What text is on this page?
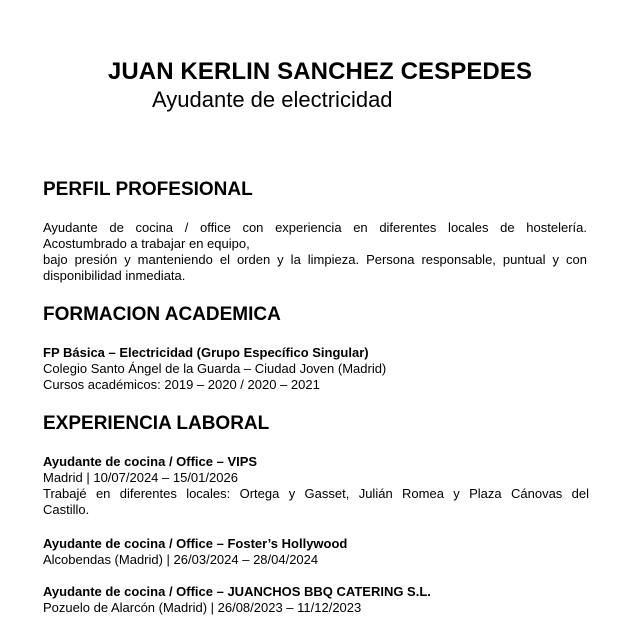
JUAN KERLIN SANCHEZ CESPEDES
Ayudante de electricidad
PERFIL PROFESIONAL
Ayudante de cocina / office con experiencia en diferentes locales de hostelería.
Acostumbrado a trabajar en equipo,
bajo presión y manteniendo el orden y la limpieza. Persona responsable, puntual y con
disponibilidad inmediata.
FORMACION ACADEMICA
FP Básica – Electricidad (Grupo Específico Singular)
Colegio Santo Ángel de la Guarda – Ciudad Joven (Madrid)
Cursos académicos: 2019 – 2020 / 2020 – 2021
EXPERIENCIA LABORAL
Ayudante de cocina / Office – VIPS
Madrid | 10/07/2024 – 15/01/2026
Trabajé en diferentes locales: Ortega y Gasset, Julián Romea y Plaza Cánovas del
Castillo.
Ayudante de cocina / Office – Foster’s Hollywood
Alcobendas (Madrid) | 26/03/2024 – 28/04/2024
Ayudante de cocina / Office – JUANCHOS BBQ CATERING S.L.
Pozuelo de Alarcón (Madrid) | 26/08/2023 – 11/12/2023
